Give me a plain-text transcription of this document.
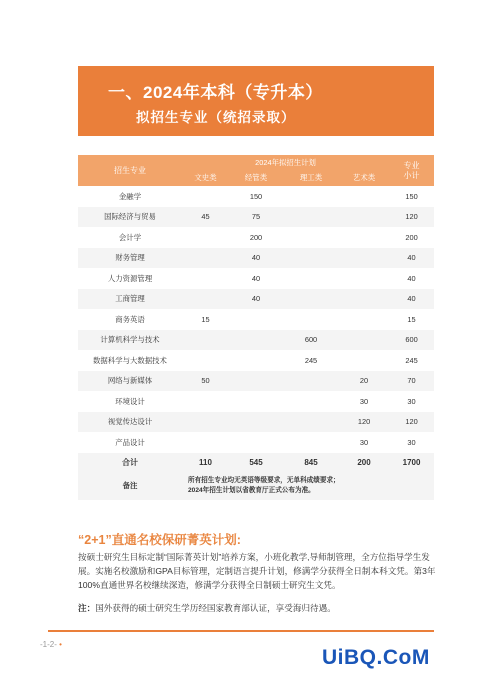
一、2024年本科（专升本）
拟招生专业（统招录取）
招生专业	2024年拟招生计划				专业
小计
	文史类	经管类	理工类	艺术类	
金融学		150			150
国际经济与贸易	45	75			120
会计学		200			200
财务管理		40			40
人力资源管理		40			40
工商管理		40			40
商务英语	15				15
计算机科学与技术			600		600
数据科学与大数据技术			245		245
网络与新媒体	50			20	70
环境设计				30	30
视觉传达设计				120	120
产品设计				30	30
合计	110	545	845	200	1700
备注	所有招生专业均无英语等级要求，无单科成绩要求；
2024年招生计划以省教育厅正式公布为准。				
“2+1”直通名校保研菁英计划:
按硕士研究生目标定制“国际菁英计划”培养方案，小班化教学,导师制管理，全方位指导学生发展。实施名校激励和GPA目标管理，定制语言提升计划，修满学分获得全日制本科文凭。第3年100%直通世界名校继续深造，修满学分获得全日制硕士研究生文凭。
注：国外获得的硕士研究生学历经国家教育部认证，享受海归待遇。
-1-2- •
UiBQ.CoM
